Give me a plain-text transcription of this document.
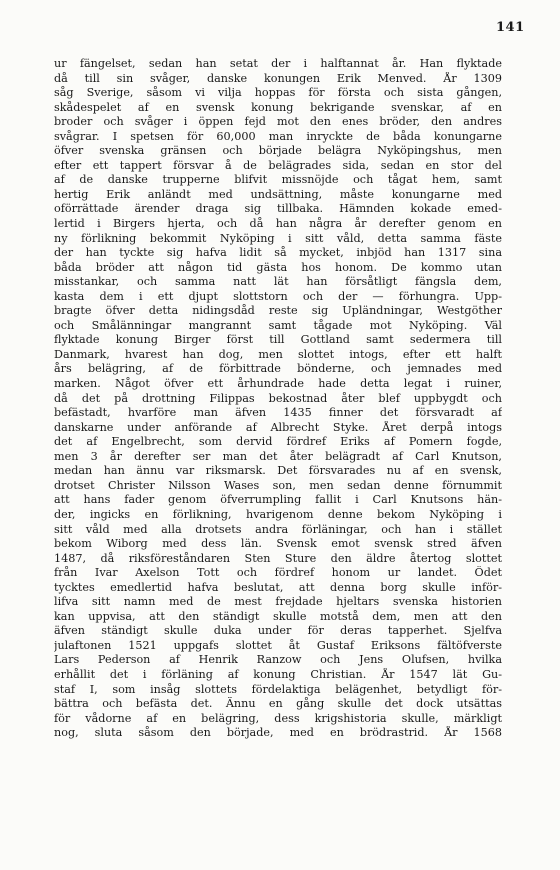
141
ur fängelset, sedan han setat der i halftannat år. Han flyktade
då till sin svåger, danske konungen Erik Menved. År 1309
såg Sverige, såsom vi vilja hoppas för första och sista gången,
skådespelet af en svensk konung bekrigande svenskar, af en
broder och svåger i öppen fejd mot den enes bröder, den andres
svågrar. I spetsen för 60,000 man inryckte de båda konungarne
öfver svenska gränsen och började belägra Nyköpingshus, men
efter ett tappert försvar å de belägrades sida, sedan en stor del
af de danske trupperne blifvit missnöjde och tågat hem, samt
hertig Erik anländt med undsättning, måste konungarne med
oförrättade ärender draga sig tillbaka. Hämnden kokade emed-
lertid i Birgers hjerta, och då han några år derefter genom en
ny förlikning bekommit Nyköping i sitt våld, detta samma fäste
der han tyckte sig hafva lidit så mycket, inbjöd han 1317 sina
båda bröder att någon tid gästa hos honom. De kommo utan
misstankar, och samma natt lät han försåtligt fängsla dem,
kasta dem i ett djupt slottstorn och der — förhungra. Upp-
bragte öfver detta nidingsdåd reste sig Upländningar, Westgöther
och Smålänningar mangrannt samt tågade mot Nyköping. Väl
flyktade konung Birger först till Gottland samt sedermera till
Danmark, hvarest han dog, men slottet intogs, efter ett halft
års belägring, af de förbittrade bönderne, och jemnades med
marken. Något öfver ett århundrade hade detta legat i ruiner,
då det på drottning Filippas bekostnad åter blef uppbygdt och
befästadt, hvarföre man äfven 1435 finner det försvaradt af
danskarne under anförande af Albrecht Styke. Året derpå intogs
det af Engelbrecht, som dervid fördref Eriks af Pomern fogde,
men 3 år derefter ser man det åter belägradt af Carl Knutson,
medan han ännu var riksmarsk. Det försvarades nu af en svensk,
drotset Christer Nilsson Wases son, men sedan denne förnummit
att hans fader genom öfverrumpling fallit i Carl Knutsons hän-
der, ingicks en förlikning, hvarigenom denne bekom Nyköping i
sitt våld med alla drotsets andra förläningar, och han i stället
bekom Wiborg med dess län. Svensk emot svensk stred äfven
1487, då riksföreståndaren Sten Sture den äldre återtog slottet
från Ivar Axelson Tott och fördref honom ur landet. Ödet
tycktes emedlertid hafva beslutat, att denna borg skulle inför-
lifva sitt namn med de mest frejdade hjeltars svenska historien
kan uppvisa, att den ständigt skulle motstå dem, men att den
äfven ständigt skulle duka under för deras tapperhet. Sjelfva
julaftonen 1521 uppgafs slottet åt Gustaf Eriksons fältöfverste
Lars Pederson af Henrik Ranzow och Jens Olufsen, hvilka
erhållit det i förläning af konung Christian. År 1547 lät Gu-
staf I, som insåg slottets fördelaktiga belägenhet, betydligt för-
bättra och befästa det. Ännu en gång skulle det dock utsättas
för vådorne af en belägring, dess krigshistoria skulle, märkligt
nog, sluta såsom den började, med en brödrastrid. År 1568
